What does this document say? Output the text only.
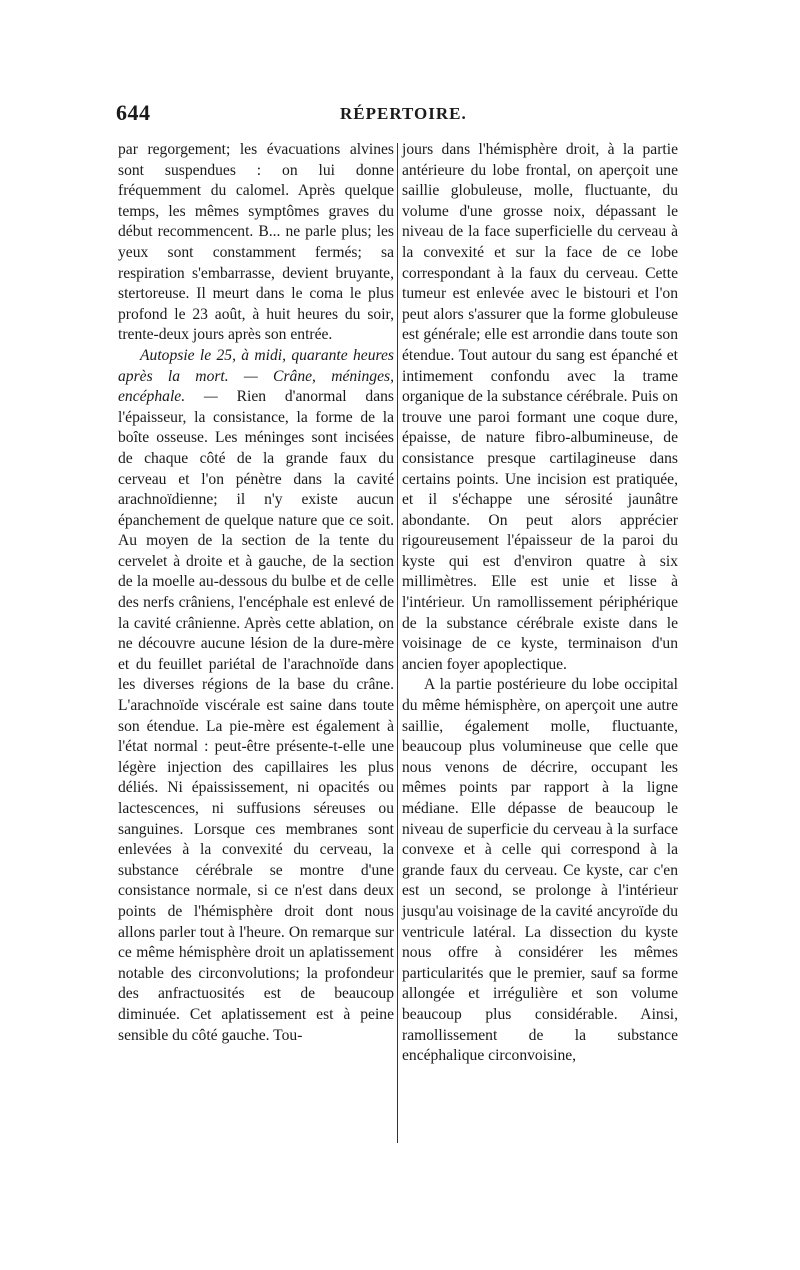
644	RÉPERTOIRE.

par regorgement; les évacuations alvines sont suspendues : on lui donne fréquemment du calomel. Après quelque temps, les mêmes symptômes graves du début recommencent. B... ne parle plus; les yeux sont constamment fermés; sa respiration s'embarrasse, devient bruyante, stertoreuse. Il meurt dans le coma le plus profond le 23 août, à huit heures du soir, trente-deux jours après son entrée.

Autopsie le 25, à midi, quarante heures après la mort. — Crâne, méninges, encéphale. — Rien d'anormal dans l'épaisseur, la consistance, la forme de la boîte osseuse. Les méninges sont incisées de chaque côté de la grande faux du cerveau et l'on pénètre dans la cavité arachnoïdienne; il n'y existe aucun épanchement de quelque nature que ce soit. Au moyen de la section de la tente du cervelet à droite et à gauche, de la section de la moelle au-dessous du bulbe et de celle des nerfs crâniens, l'encéphale est enlevé de la cavité crânienne. Après cette ablation, on ne découvre aucune lésion de la dure-mère et du feuillet pariétal de l'arachnoïde dans les diverses régions de la base du crâne. L'arachnoïde viscérale est saine dans toute son étendue. La pie-mère est également à l'état normal : peut-être présente-t-elle une légère injection des capillaires les plus déliés. Ni épaississement, ni opacités ou lactescences, ni suffusions séreuses ou sanguines. Lorsque ces membranes sont enlevées à la convexité du cerveau, la substance cérébrale se montre d'une consistance normale, si ce n'est dans deux points de l'hémisphère droit dont nous allons parler tout à l'heure. On remarque sur ce même hémisphère droit un aplatissement notable des circonvolutions; la profondeur des anfractuosités est de beaucoup diminuée. Cet aplatissement est à peine sensible du côté gauche. Tou-

jours dans l'hémisphère droit, à la partie antérieure du lobe frontal, on aperçoit une saillie globuleuse, molle, fluctuante, du volume d'une grosse noix, dépassant le niveau de la face superficielle du cerveau à la convexité et sur la face de ce lobe correspondant à la faux du cerveau. Cette tumeur est enlevée avec le bistouri et l'on peut alors s'assurer que la forme globuleuse est générale; elle est arrondie dans toute son étendue. Tout autour du sang est épanché et intimement confondu avec la trame organique de la substance cérébrale. Puis on trouve une paroi formant une coque dure, épaisse, de nature fibro-albumineuse, de consistance presque cartilagineuse dans certains points. Une incision est pratiquée, et il s'échappe une sérosité jaunâtre abondante. On peut alors apprécier rigoureusement l'épaisseur de la paroi du kyste qui est d'environ quatre à six millimètres. Elle est unie et lisse à l'intérieur. Un ramollissement périphérique de la substance cérébrale existe dans le voisinage de ce kyste, terminaison d'un ancien foyer apoplectique.

A la partie postérieure du lobe occipital du même hémisphère, on aperçoit une autre saillie, également molle, fluctuante, beaucoup plus volumineuse que celle que nous venons de décrire, occupant les mêmes points par rapport à la ligne médiane. Elle dépasse de beaucoup le niveau de superficie du cerveau à la surface convexe et à celle qui correspond à la grande faux du cerveau. Ce kyste, car c'en est un second, se prolonge à l'intérieur jusqu'au voisinage de la cavité ancyroïde du ventricule latéral. La dissection du kyste nous offre à considérer les mêmes particularités que le premier, sauf sa forme allongée et irrégulière et son volume beaucoup plus considérable. Ainsi, ramollissement de la substance encéphalique circonvoisine,
